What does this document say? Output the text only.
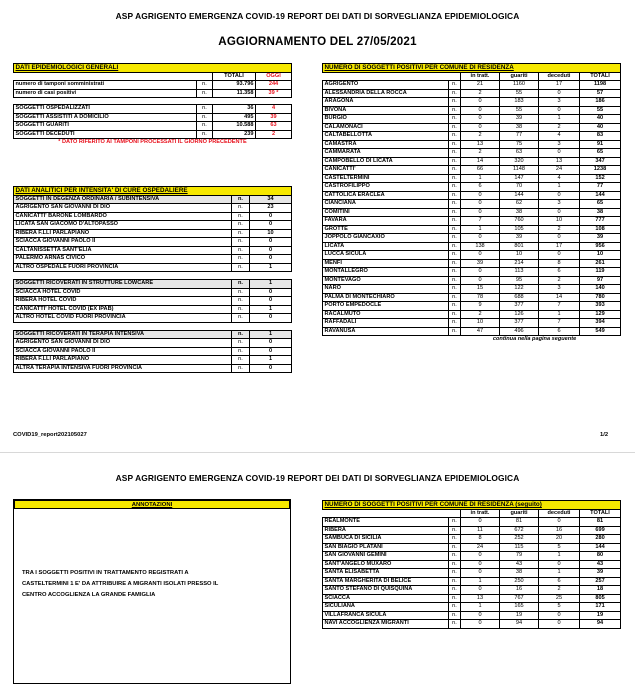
ASP AGRIGENTO EMERGENZA COVID-19 REPORT DEI DATI DI SORVEGLIANZA EPIDEMIOLOGICA
AGGIORNAMENTO DEL 27/05/2021
DATI EPIDEMIOLOGICI GENERALI			
		TOTALI	OGGI
numero di tamponi somministrati	n.	93.796	244
numero di casi positivi	n.	11.358	39 *

SOGGETTI OSPEDALIZZATI	n.	36	4
SOGGETTI ASSISTITI A DOMICILIO	n.	495	39
SOGGETTI GUARITI	n.	10.588	63
SOGGETTI DECEDUTI	n.	239	2
* DATO RIFERITO AI TAMPONI PROCESSATI IL GIORNO PRECEDENTE			
DATI ANALITICI PER INTENSITA' DI CURE OSPEDALIERE		
SOGGETTI IN DEGENZA ORDINARIA / SUBINTENSIVA	n.	34
AGRIGENTO SAN GIOVANNI DI DIO	n.	23
CANICATTI' BARONE LOMBARDO	n.	0
LICATA SAN GIACOMO D'ALTOPASSO	n.	0
RIBERA F.LLI PARLAPIANO	n.	10
SCIACCA GIOVANNI PAOLO II	n.	0
CALTANISSETTA SANT'ELIA	n.	0
PALERMO ARNAS CIVICO	n.	0
ALTRO OSPEDALE FUORI PROVINCIA	n.	1

SOGGETTI RICOVERATI IN STRUTTURE LOWCARE	n.	1
SCIACCA HOTEL COVID	n.	0
RIBERA HOTEL COVID	n.	0
CANICATTI' HOTEL COVID (EX IPAB)	n.	1
ALTRO HOTEL COVID FUORI PROVINCIA	n.	0

SOGGETTI RICOVERATI IN TERAPIA INTENSIVA	n.	1
AGRIGENTO SAN GIOVANNI DI DIO	n.	0
SCIACCA GIOVANNI PAOLO II	n.	0
RIBERA F.LLI PARLAPIANO	n.	1
ALTRA TERAPIA INTENSIVA FUORI PROVINCIA	n.	0
NUMERO DI SOGGETTI POSITIVI PER COMUNE DI RESIDENZA					
		in tratt.	guariti	deceduti	TOTALI
AGRIGENTO	n.	21	1160	17	1198
ALESSANDRIA DELLA ROCCA	n.	2	55	0	57
ARAGONA	n.	0	183	3	186
BIVONA	n.	0	55	0	55
BURGIO	n.	0	39	1	40
CALAMONACI	n.	0	38	2	40
CALTABELLOTTA	n.	2	77	4	83
CAMASTRA	n.	13	75	3	91
CAMMARATA	n.	2	63	0	65
CAMPOBELLO DI LICATA	n.	14	320	13	347
CANICATTI'	n.	66	1148	24	1238
CASTELTERMINI	n.	1	147	4	152
CASTROFILIPPO	n.	6	70	1	77
CATTOLICA ERACLEA	n.	0	144	0	144
CIANCIANA	n.	0	62	3	65
COMITINI	n.	0	38	0	38
FAVARA	n.	7	760	10	777
GROTTE	n.	1	105	2	108
JOPPOLO GIANCAXIO	n.	0	39	0	39
LICATA	n.	138	801	17	956
LUCCA SICULA	n.	0	10	0	10
MENFI	n.	39	214	8	261
MONTALLEGRO	n.	0	113	6	119
MONTEVAGO	n.	0	95	2	97
NARO	n.	15	122	3	140
PALMA DI MONTECHIARO	n.	78	688	14	780
PORTO EMPEDOCLE	n.	9	377	7	393
RACALMUTO	n.	2	126	1	129
RAFFADALI	n.	10	377	7	394
RAVANUSA	n.	47	496	6	549
	continua nella pagina seguente				
COVID19_report202105027	1/2
ASP AGRIGENTO EMERGENZA COVID-19 REPORT DEI DATI DI SORVEGLIANZA EPIDEMIOLOGICA
ANNOTAZIONI
TRA I SOGGETTI POSITIVI IN TRATTAMENTO REGISTRATI A
CASTELTERMINI 1 E' DA ATTRIBUIRE A MIGRANTI ISOLATI PRESSO IL
CENTRO ACCOGLIENZA LA GRANDE FAMIGLIA
NUMERO DI SOGGETTI POSITIVI PER COMUNE DI RESIDENZA (seguito)					
		in tratt.	guariti	deceduti	TOTALI
REALMONTE	n.	0	81	0	81
RIBERA	n.	11	672	16	699
SAMBUCA DI SICILIA	n.	8	252	20	280
SAN BIAGIO PLATANI	n.	24	115	5	144
SAN GIOVANNI GEMINI	n.	0	79	1	80
SANT'ANGELO MUXARO	n.	0	43	0	43
SANTA ELISABETTA	n.	0	38	1	39
SANTA MARGHERITA DI BELICE	n.	1	250	6	257
SANTO STEFANO DI QUISQUINA	n.	0	16	2	18
SCIACCA	n.	13	767	25	805
SICULIANA	n.	1	165	5	171
VILLAFRANCA SICULA	n.	0	19	0	19
NAVI ACCOGLIENZA MIGRANTI	n.	0	94	0	94
